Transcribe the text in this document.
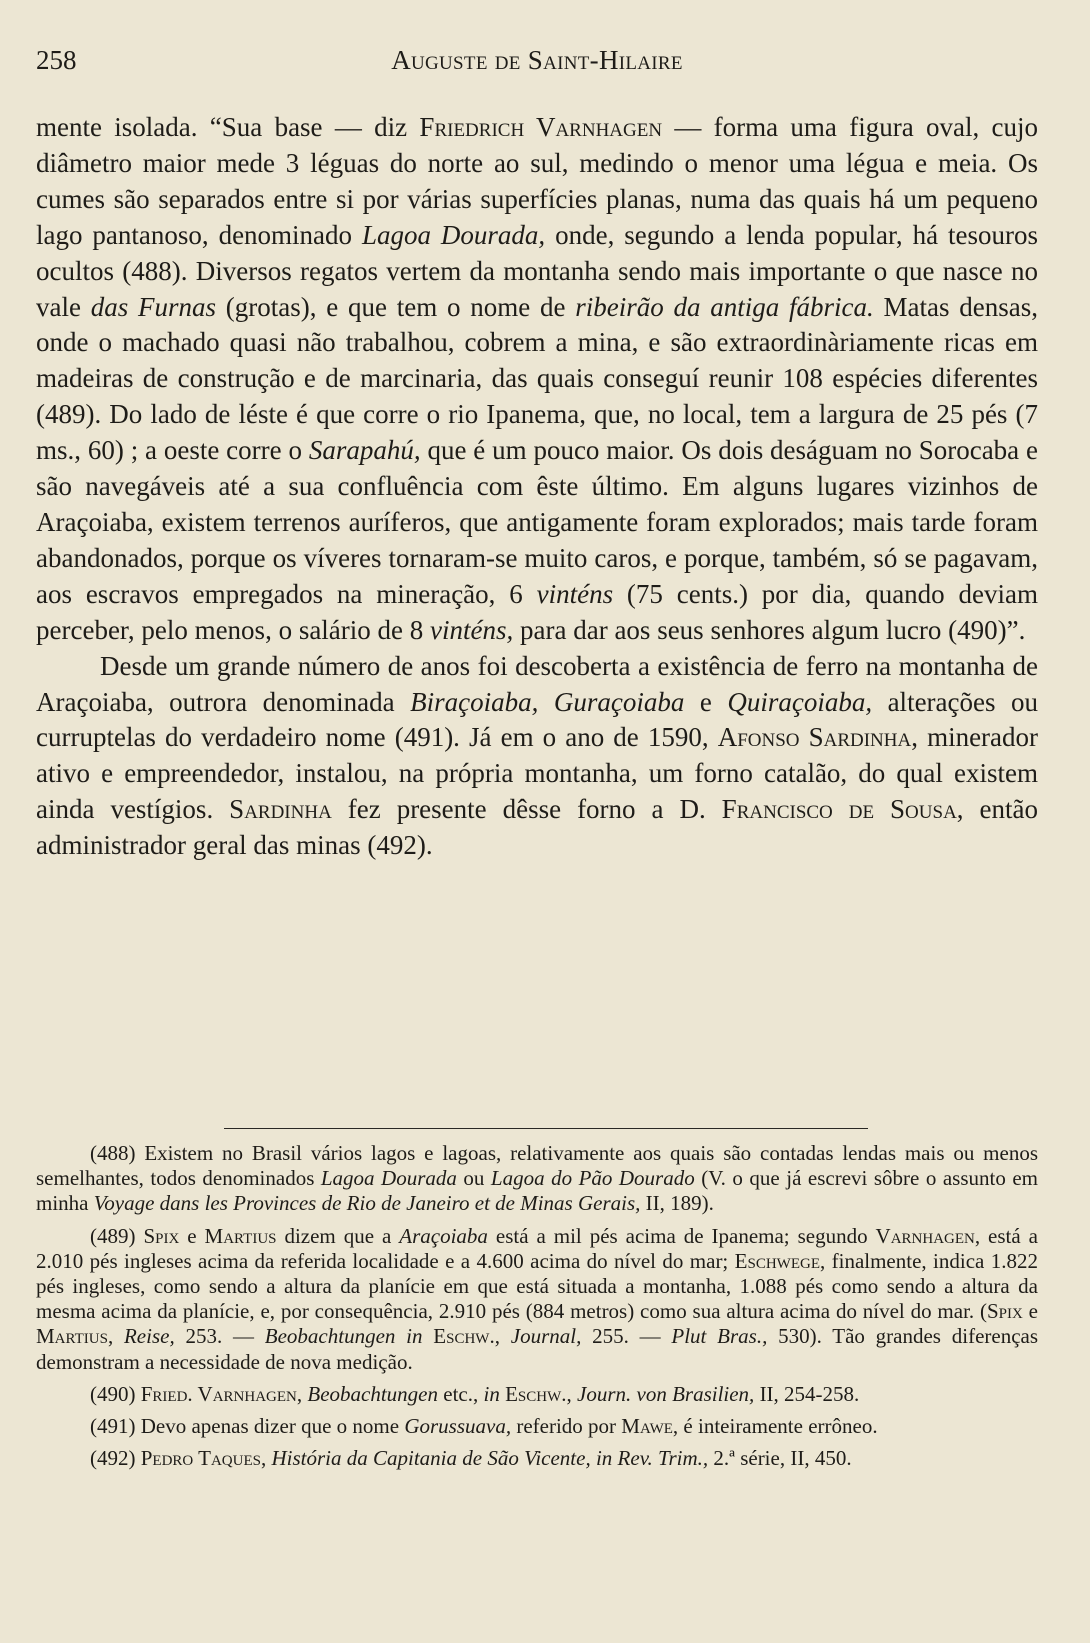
258	Auguste de Saint-Hilaire

mente isolada. “Sua base — diz Friedrich Varnhagen — forma uma figura oval, cujo diâmetro maior mede 3 léguas do norte ao sul, medindo o menor uma légua e meia. Os cumes são separados entre si por várias superfícies planas, numa das quais há um pequeno lago pantanoso, denominado Lagoa Dourada, onde, segundo a lenda popular, há tesouros ocultos (488). Diversos regatos vertem da montanha sendo mais importante o que nasce no vale das Furnas (grotas), e que tem o nome de ribeirão da antiga fábrica. Matas densas, onde o machado quasi não trabalhou, cobrem a mina, e são extraordinàriamente ricas em madeiras de construção e de marcinaria, das quais conseguí reunir 108 espécies diferentes (489). Do lado de léste é que corre o rio Ipanema, que, no local, tem a largura de 25 pés (7 ms., 60) ; a oeste corre o Sarapahú, que é um pouco maior. Os dois deságuam no Sorocaba e são navegáveis até a sua confluência com êste último. Em alguns lugares vizinhos de Araçoiaba, existem terrenos auríferos, que antigamente foram explorados; mais tarde foram abandonados, porque os víveres tornaram-se muito caros, e porque, também, só se pagavam, aos escravos empregados na mineração, 6 vinténs (75 cents.) por dia, quando deviam perceber, pelo menos, o salário de 8 vinténs, para dar aos seus senhores algum lucro (490)”.

Desde um grande número de anos foi descoberta a existência de ferro na montanha de Araçoiaba, outrora denominada Biraçoiaba, Guraçoiaba e Quiraçoiaba, alterações ou curruptelas do verdadeiro nome (491). Já em o ano de 1590, Afonso Sardinha, minerador ativo e empreendedor, instalou, na própria montanha, um forno catalão, do qual existem ainda vestígios. Sardinha fez presente dêsse forno a D. Francisco de Sousa, então administrador geral das minas (492).

(488) Existem no Brasil vários lagos e lagoas, relativamente aos quais são contadas lendas mais ou menos semelhantes, todos denominados Lagoa Dourada ou Lagoa do Pão Dourado (V. o que já escrevi sôbre o assunto em minha Voyage dans les Provinces de Rio de Janeiro et de Minas Gerais, II, 189).

(489) Spix e Martius dizem que a Araçoiaba está a mil pés acima de Ipanema; segundo Varnhagen, está a 2.010 pés ingleses acima da referida localidade e a 4.600 acima do nível do mar; Eschwege, finalmente, indica 1.822 pés ingleses, como sendo a altura da planície em que está situada a montanha, 1.088 pés como sendo a altura da mesma acima da planície, e, por consequência, 2.910 pés (884 metros) como sua altura acima do nível do mar. (Spix e Martius, Reise, 253. — Beobachtungen in Eschw., Journal, 255. — Plut Bras., 530). Tão grandes diferenças demonstram a necessidade de nova medição.

(490) Fried. Varnhagen, Beobachtungen etc., in Eschw., Journ. von Brasilien, II, 254-258.

(491) Devo apenas dizer que o nome Gorussuava, referido por Mawe, é inteiramente errôneo.

(492) Pedro Taques, História da Capitania de São Vicente, in Rev. Trim., 2.ª série, II, 450.
